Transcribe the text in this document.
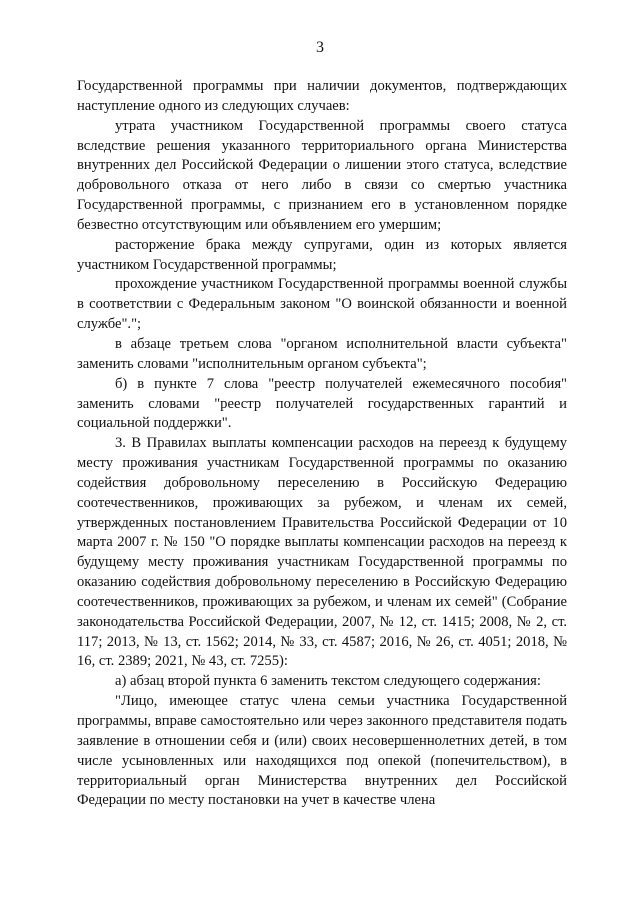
3

Государственной программы при наличии документов, подтверждающих наступление одного из следующих случаев:

утрата участником Государственной программы своего статуса вследствие решения указанного территориального органа Министерства внутренних дел Российской Федерации о лишении этого статуса, вследствие добровольного отказа от него либо в связи со смертью участника Государственной программы, с признанием его в установленном порядке безвестно отсутствующим или объявлением его умершим;

расторжение брака между супругами, один из которых является участником Государственной программы;

прохождение участником Государственной программы военной службы в соответствии с Федеральным законом "О воинской обязанности и военной службе".";

в абзаце третьем слова "органом исполнительной власти субъекта" заменить словами "исполнительным органом субъекта";

б) в пункте 7 слова "реестр получателей ежемесячного пособия" заменить словами "реестр получателей государственных гарантий и социальной поддержки".

3. В Правилах выплаты компенсации расходов на переезд к будущему месту проживания участникам Государственной программы по оказанию содействия добровольному переселению в Российскую Федерацию соотечественников, проживающих за рубежом, и членам их семей, утвержденных постановлением Правительства Российской Федерации от 10 марта 2007 г. № 150 "О порядке выплаты компенсации расходов на переезд к будущему месту проживания участникам Государственной программы по оказанию содействия добровольному переселению в Российскую Федерацию соотечественников, проживающих за рубежом, и членам их семей" (Собрание законодательства Российской Федерации, 2007, № 12, ст. 1415; 2008, № 2, ст. 117; 2013, № 13, ст. 1562; 2014, № 33, ст. 4587; 2016, № 26, ст. 4051; 2018, № 16, ст. 2389; 2021, № 43, ст. 7255):

а) абзац второй пункта 6 заменить текстом следующего содержания:

"Лицо, имеющее статус члена семьи участника Государственной программы, вправе самостоятельно или через законного представителя подать заявление в отношении себя и (или) своих несовершеннолетних детей, в том числе усыновленных или находящихся под опекой (попечительством), в территориальный орган Министерства внутренних дел Российской Федерации по месту постановки на учет в качестве члена
